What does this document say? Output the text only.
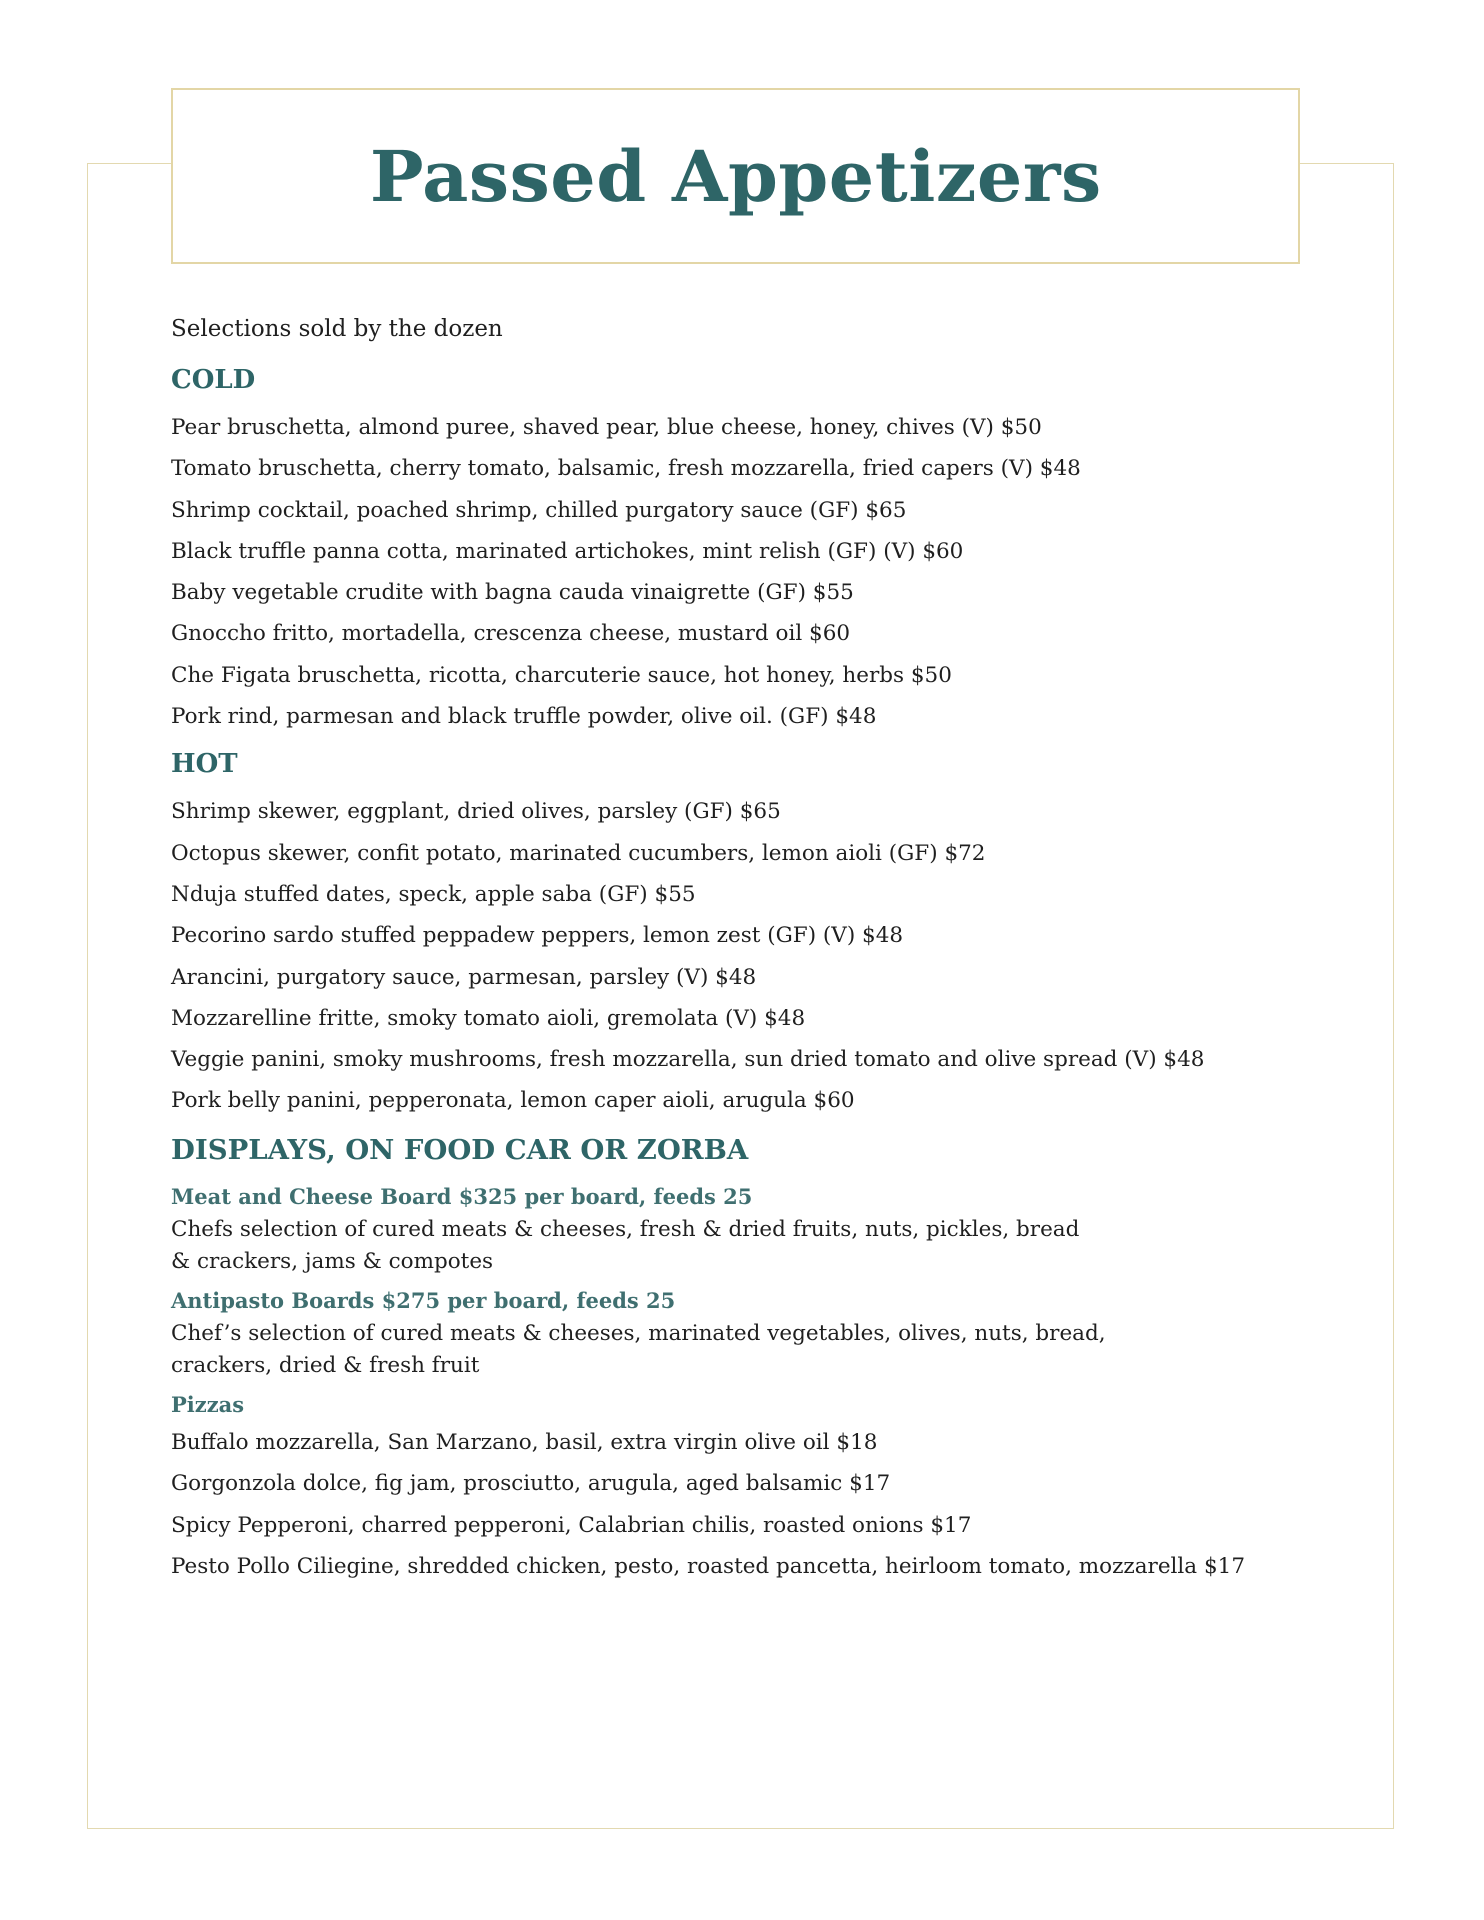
Passed Appetizers
Selections sold by the dozen
COLD
Pear bruschetta, almond puree, shaved pear, blue cheese, honey, chives (V) $50
Tomato bruschetta, cherry tomato, balsamic, fresh mozzarella, fried capers (V) $48
Shrimp cocktail, poached shrimp, chilled purgatory sauce (GF) $65
Black truffle panna cotta, marinated artichokes, mint relish (GF) (V) $60
Baby vegetable crudite with bagna cauda vinaigrette (GF) $55
Gnoccho fritto, mortadella, crescenza cheese, mustard oil $60
Che Figata bruschetta, ricotta, charcuterie sauce, hot honey, herbs $50
Pork rind, parmesan and black truffle powder, olive oil. (GF) $48
HOT
Shrimp skewer, eggplant, dried olives, parsley (GF) $65
Octopus skewer, confit potato, marinated cucumbers, lemon aioli (GF) $72
Nduja stuffed dates, speck, apple saba (GF) $55
Pecorino sardo stuffed peppadew peppers, lemon zest (GF) (V) $48
Arancini, purgatory sauce, parmesan, parsley (V) $48
Mozzarelline fritte, smoky tomato aioli, gremolata (V) $48
Veggie panini, smoky mushrooms, fresh mozzarella, sun dried tomato and olive spread (V) $48
Pork belly panini, pepperonata, lemon caper aioli, arugula $60
DISPLAYS, ON FOOD CAR OR ZORBA
Meat and Cheese Board $325 per board, feeds 25
Chefs selection of cured meats & cheeses, fresh & dried fruits, nuts, pickles, bread
& crackers, jams & compotes
Antipasto Boards $275 per board, feeds 25
Chef’s selection of cured meats & cheeses, marinated vegetables, olives, nuts, bread,
crackers, dried & fresh fruit
Pizzas
Buffalo mozzarella, San Marzano, basil, extra virgin olive oil $18
Gorgonzola dolce, fig jam, prosciutto, arugula, aged balsamic $17
Spicy Pepperoni, charred pepperoni, Calabrian chilis, roasted onions $17
Pesto Pollo Ciliegine, shredded chicken, pesto, roasted pancetta, heirloom tomato, mozzarella $17
